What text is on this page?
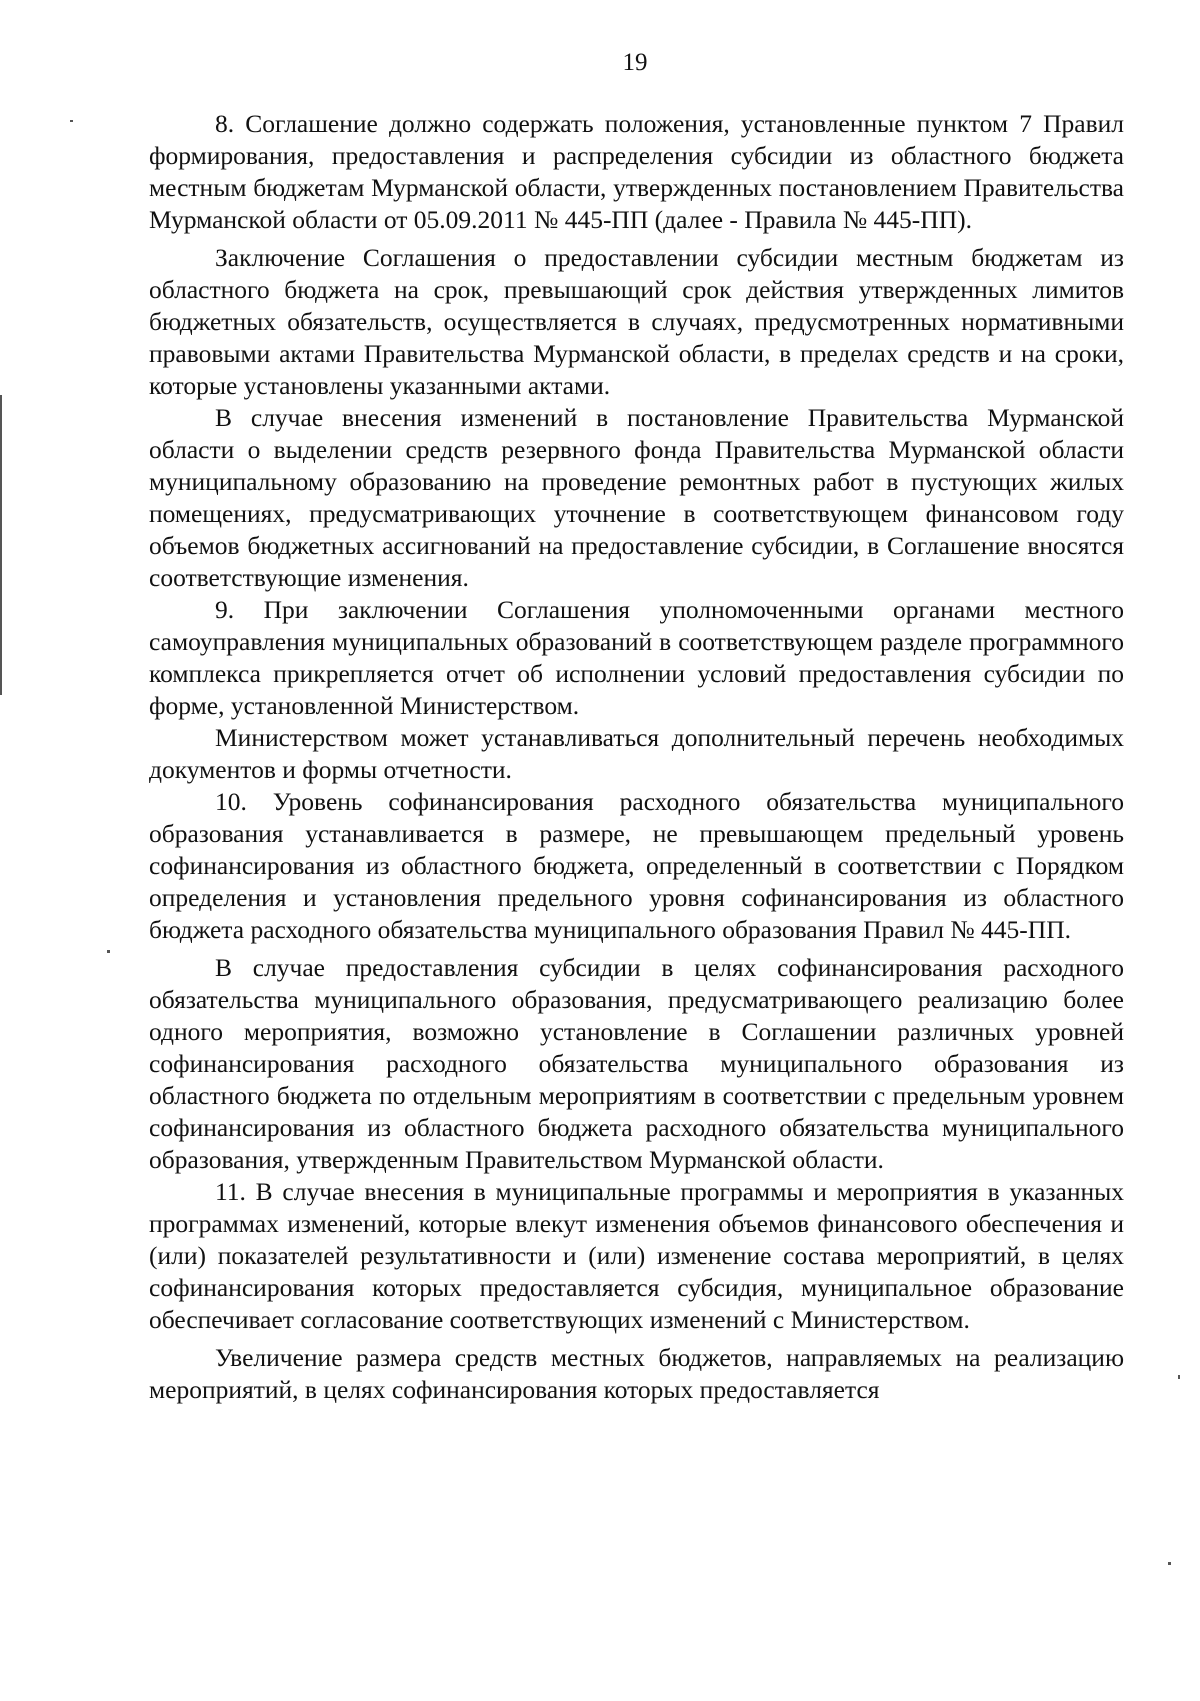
19

8. Соглашение должно содержать положения, установленные пунктом 7 Правил формирования, предоставления и распределения субсидии из областного бюджета местным бюджетам Мурманской области, утвержденных постановлением Правительства Мурманской области от 05.09.2011 № 445-ПП (далее - Правила № 445-ПП).

Заключение Соглашения о предоставлении субсидии местным бюджетам из областного бюджета на срок, превышающий срок действия утвержденных лимитов бюджетных обязательств, осуществляется в случаях, предусмотренных нормативными правовыми актами Правительства Мурманской области, в пределах средств и на сроки, которые установлены указанными актами.

В случае внесения изменений в постановление Правительства Мурманской области о выделении средств резервного фонда Правительства Мурманской области муниципальному образованию на проведение ремонтных работ в пустующих жилых помещениях, предусматривающих уточнение в соответствующем финансовом году объемов бюджетных ассигнований на предоставление субсидии, в Соглашение вносятся соответствующие изменения.

9. При заключении Соглашения уполномоченными органами местного самоуправления муниципальных образований в соответствующем разделе программного комплекса прикрепляется отчет об исполнении условий предоставления субсидии по форме, установленной Министерством.

Министерством может устанавливаться дополнительный перечень необходимых документов и формы отчетности.

10. Уровень софинансирования расходного обязательства муниципального образования устанавливается в размере, не превышающем предельный уровень софинансирования из областного бюджета, определенный в соответствии с Порядком определения и установления предельного уровня софинансирования из областного бюджета расходного обязательства муниципального образования Правил № 445-ПП.

В случае предоставления субсидии в целях софинансирования расходного обязательства муниципального образования, предусматривающего реализацию более одного мероприятия, возможно установление в Соглашении различных уровней софинансирования расходного обязательства муниципального образования из областного бюджета по отдельным мероприятиям в соответствии с предельным уровнем софинансирования из областного бюджета расходного обязательства муниципального образования, утвержденным Правительством Мурманской области.

11. В случае внесения в муниципальные программы и мероприятия в указанных программах изменений, которые влекут изменения объемов финансового обеспечения и (или) показателей результативности и (или) изменение состава мероприятий, в целях софинансирования которых предоставляется субсидия, муниципальное образование обеспечивает согласование соответствующих изменений с Министерством.

Увеличение размера средств местных бюджетов, направляемых на реализацию мероприятий, в целях софинансирования которых предоставляется
